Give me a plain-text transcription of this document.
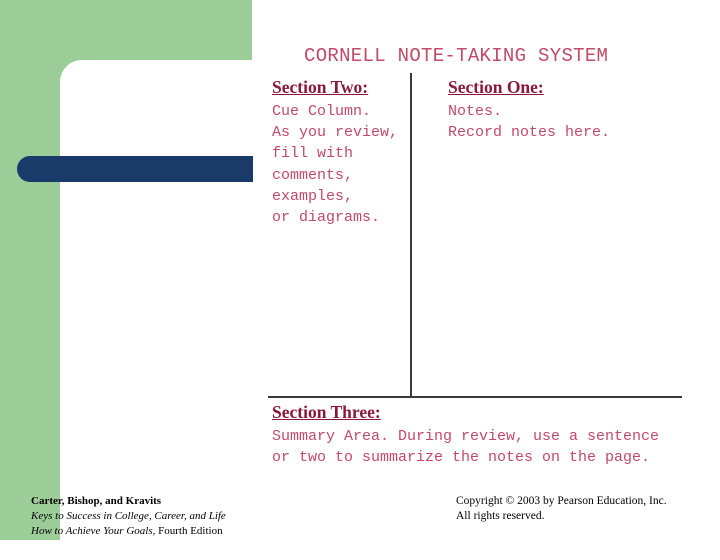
CORNELL NOTE-TAKING SYSTEM

Section Two:

Cue Column.
As you review,
fill with
comments,
examples,
or diagrams.

Section One:

Notes.
Record notes here.

Section Three:

Summary Area. During review, use a sentence
or two to summarize the notes on the page.

Carter, Bishop, and Kravits
Keys to Success in College, Career, and Life
How to Achieve Your Goals, Fourth Edition
Copyright © 2003 by Pearson Education, Inc.
All rights reserved.
